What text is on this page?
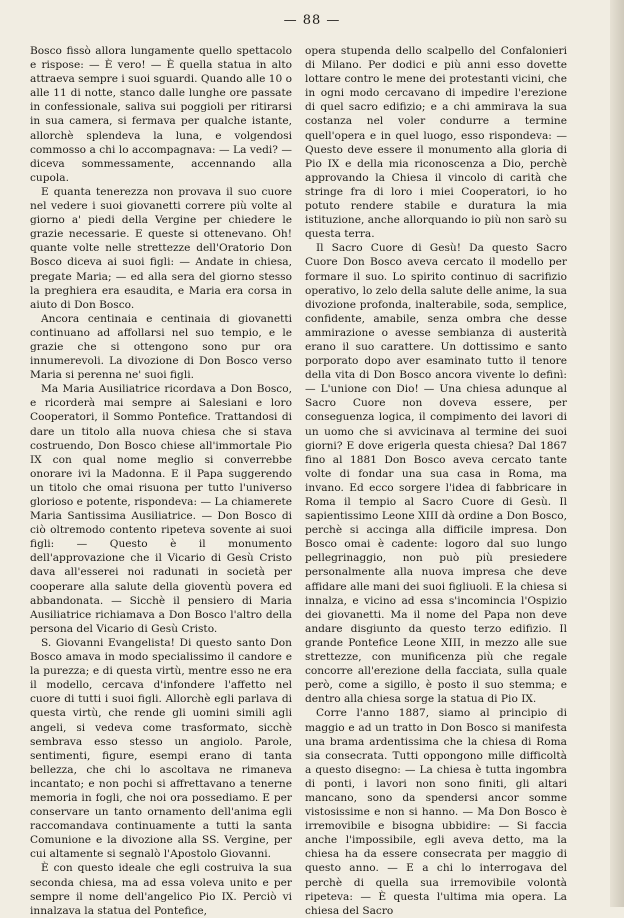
— 88 —

Bosco fissò allora lungamente quello spettacolo e rispose: — È vero! — È quella statua in alto attraeva sempre i suoi sguardi. Quando alle 10 o alle 11 di notte, stanco dalle lunghe ore passate in confessionale, saliva sui poggioli per ritirarsi in sua camera, si fermava per qualche istante, allorchè splendeva la luna, e volgendosi commosso a chi lo accompagnava: — La vedi? — diceva sommessamente, accennando alla cupola.

E quanta tenerezza non provava il suo cuore nel vedere i suoi giovanetti correre più volte al giorno a' piedi della Vergine per chiedere le grazie necessarie. E queste si ottenevano. Oh! quante volte nelle strettezze dell'Oratorio Don Bosco diceva ai suoi figli: — Andate in chiesa, pregate Maria; — ed alla sera del giorno stesso la preghiera era esaudita, e Maria era corsa in aiuto di Don Bosco.

Ancora centinaia e centinaia di giovanetti continuano ad affollarsi nel suo tempio, e le grazie che si ottengono sono pur ora innumerevoli. La divozione di Don Bosco verso Maria si perenna ne' suoi figli.

Ma Maria Ausiliatrice ricordava a Don Bosco, e ricorderà mai sempre ai Salesiani e loro Cooperatori, il Sommo Pontefice. Trattandosi di dare un titolo alla nuova chiesa che si stava costruendo, Don Bosco chiese all'immortale Pio IX con qual nome meglio si converrebbe onorare ivi la Madonna. E il Papa suggerendo un titolo che omai risuona per tutto l'universo glorioso e potente, rispondeva: — La chiamerete Maria Santissima Ausiliatrice. — Don Bosco di ciò oltremodo contento ripeteva sovente ai suoi figli: — Questo è il monumento dell'approvazione che il Vicario di Gesù Cristo dava all'esserei noi radunati in società per cooperare alla salute della gioventù povera ed abbandonata. — Sicchè il pensiero di Maria Ausiliatrice richiamava a Don Bosco l'altro della persona del Vicario di Gesù Cristo.

S. Giovanni Evangelista! Di questo santo Don Bosco amava in modo specialissimo il candore e la purezza; e di questa virtù, mentre esso ne era il modello, cercava d'infondere l'affetto nel cuore di tutti i suoi figli. Allorchè egli parlava di questa virtù, che rende gli uomini simili agli angeli, si vedeva come trasformato, sicchè sembrava esso stesso un angiolo. Parole, sentimenti, figure, esempi erano di tanta bellezza, che chi lo ascoltava ne rimaneva incantato; e non pochi si affrettavano a tenerne memoria in fogli, che noi ora possediamo. E per conservare un tanto ornamento dell'anima egli raccomandava continuamente a tutti la santa Comunione e la divozione alla SS. Vergine, per cui altamente si segnalò l'Apostolo Giovanni.

È con questo ideale che egli costruiva la sua seconda chiesa, ma ad essa voleva unito e per sempre il nome dell'angelico Pio IX. Perciò vi innalzava la statua del Pontefice,

opera stupenda dello scalpello del Confalonieri di Milano. Per dodici e più anni esso dovette lottare contro le mene dei protestanti vicini, che in ogni modo cercavano di impedire l'erezione di quel sacro edifizio; e a chi ammirava la sua costanza nel voler condurre a termine quell'opera e in quel luogo, esso rispondeva: — Questo deve essere il monumento alla gloria di Pio IX e della mia riconoscenza a Dio, perchè approvando la Chiesa il vincolo di carità che stringe fra di loro i miei Cooperatori, io ho potuto rendere stabile e duratura la mia istituzione, anche allorquando io più non sarò su questa terra.

Il Sacro Cuore di Gesù! Da questo Sacro Cuore Don Bosco aveva cercato il modello per formare il suo. Lo spirito continuo di sacrifizio operativo, lo zelo della salute delle anime, la sua divozione profonda, inalterabile, soda, semplice, confidente, amabile, senza ombra che desse ammirazione o avesse sembianza di austerità erano il suo carattere. Un dottissimo e santo porporato dopo aver esaminato tutto il tenore della vita di Don Bosco ancora vivente lo definì: — L'unione con Dio! — Una chiesa adunque al Sacro Cuore non doveva essere, per conseguenza logica, il compimento dei lavori di un uomo che si avvicinava al termine dei suoi giorni? E dove erigerla questa chiesa? Dal 1867 fino al 1881 Don Bosco aveva cercato tante volte di fondar una sua casa in Roma, ma invano. Ed ecco sorgere l'idea di fabbricare in Roma il tempio al Sacro Cuore di Gesù. Il sapientissimo Leone XIII dà ordine a Don Bosco, perchè si accinga alla difficile impresa. Don Bosco omai è cadente: logoro dal suo lungo pellegrinaggio, non può più presiedere personalmente alla nuova impresa che deve affidare alle mani dei suoi figliuoli. E la chiesa si innalza, e vicino ad essa s'incomincia l'Ospizio dei giovanetti. Ma il nome del Papa non deve andare disgiunto da questo terzo edifizio. Il grande Pontefice Leone XIII, in mezzo alle sue strettezze, con munificenza più che regale concorre all'erezione della facciata, sulla quale però, come a sigillo, è posto il suo stemma; e dentro alla chiesa sorge la statua di Pio IX.

Corre l'anno 1887, siamo al principio di maggio e ad un tratto in Don Bosco si manifesta una brama ardentissima che la chiesa di Roma sia consecrata. Tutti oppongono mille difficoltà a questo disegno: — La chiesa è tutta ingombra di ponti, i lavori non sono finiti, gli altari mancano, sono da spendersi ancor somme vistosissime e non si hanno. — Ma Don Bosco è irremovibile e bisogna ubbidire: — Si faccia anche l'impossibile, egli aveva detto, ma la chiesa ha da essere consecrata per maggio di questo anno. — E a chi lo interrogava del perchè di quella sua irremovibile volontà ripeteva: — È questa l'ultima mia opera. La chiesa del Sacro
